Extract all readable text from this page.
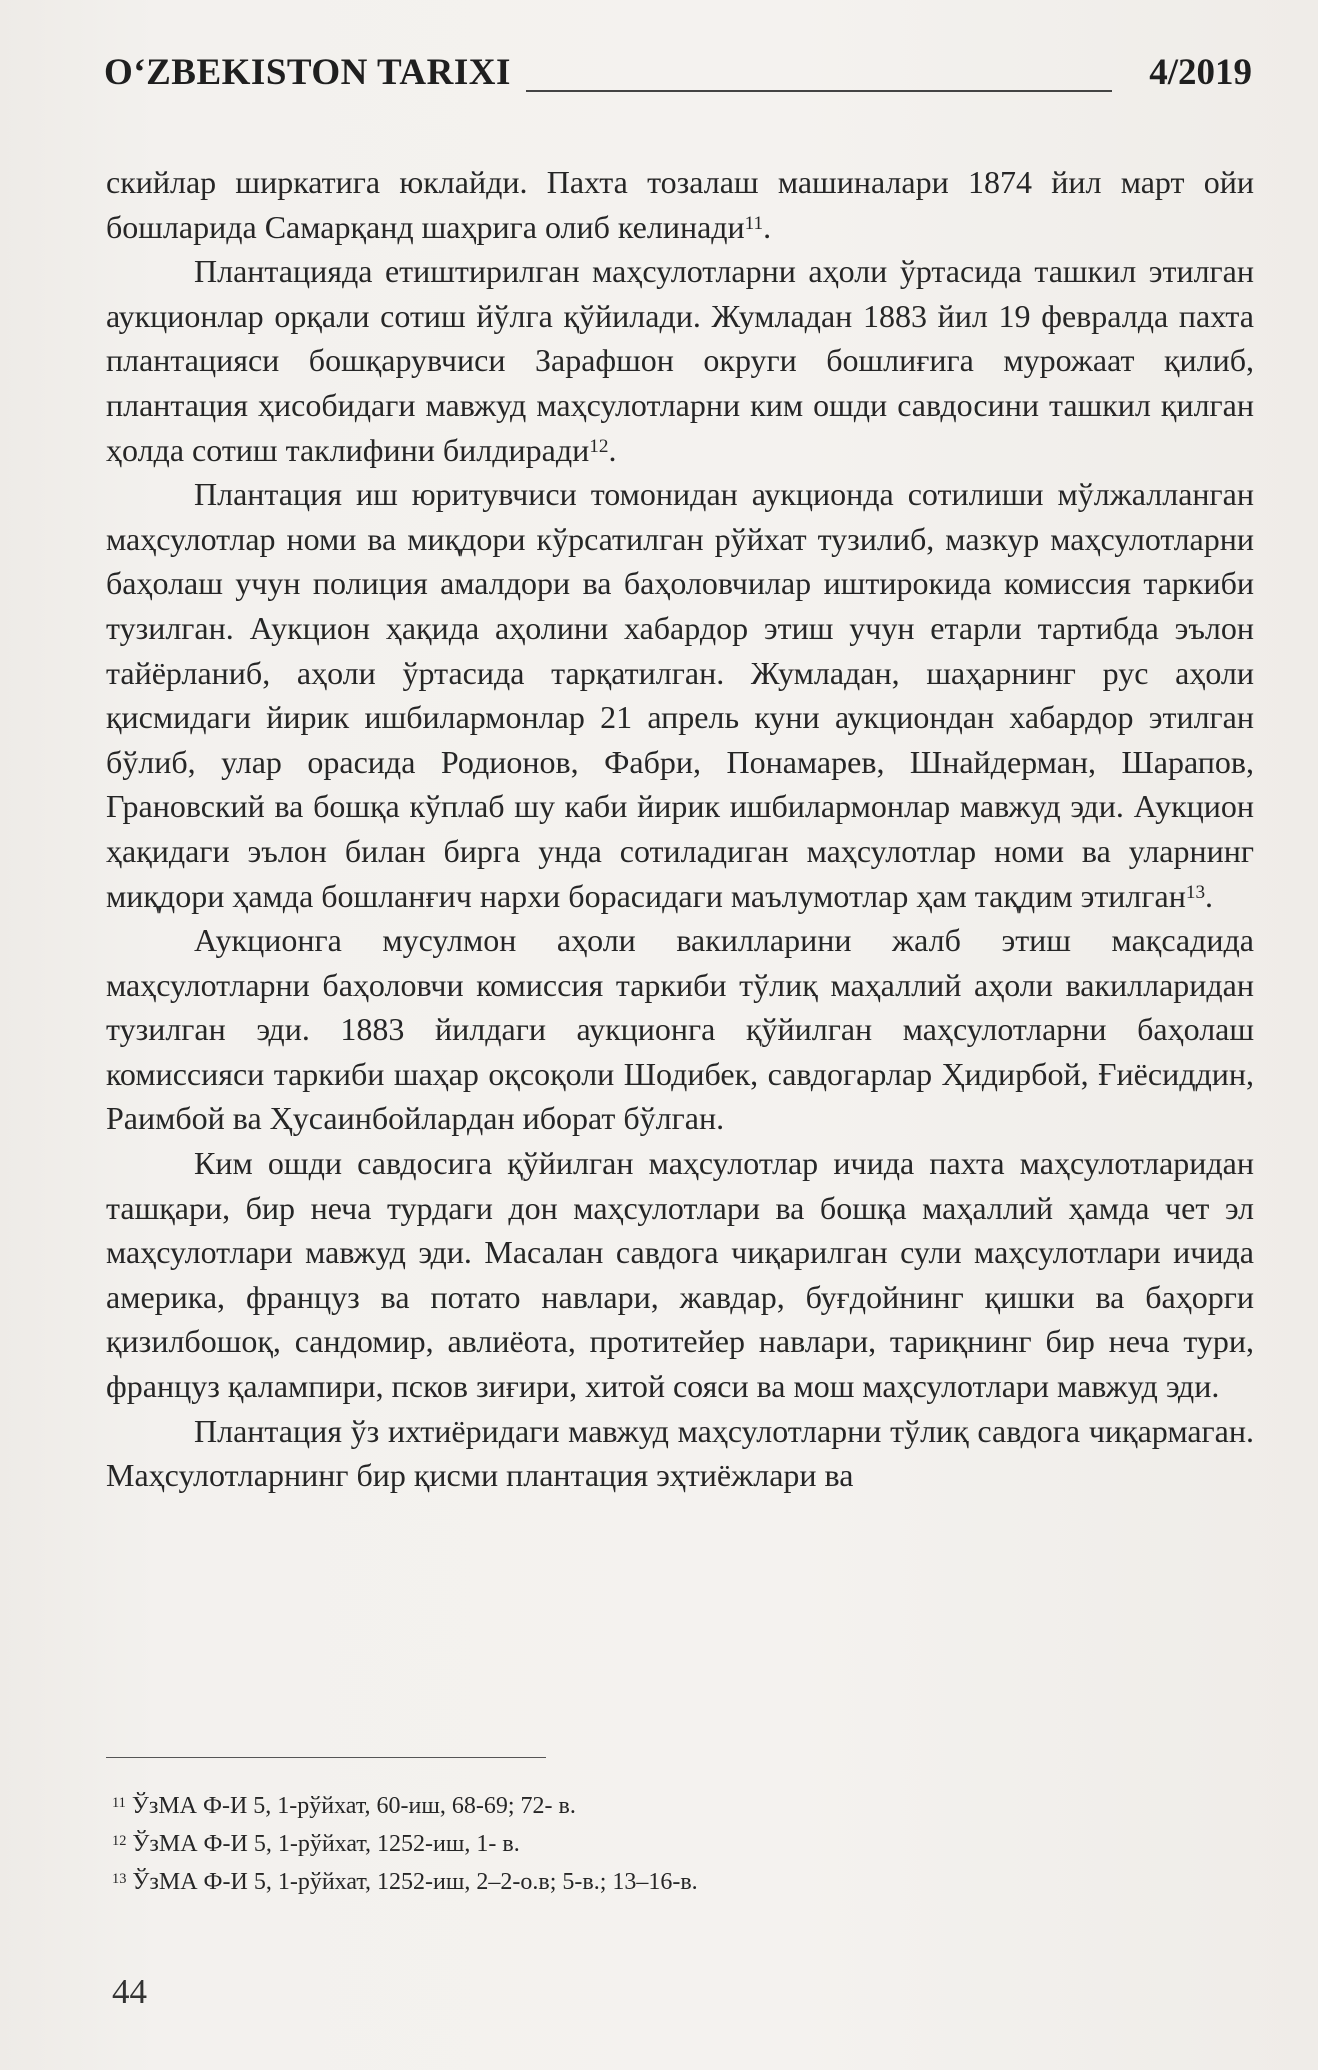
O‘ZBEKISTON TARIXI	4/2019

скийлар ширкатига юклайди. Пахта тозалаш машиналари 1874 йил март ойи бошларида Самарқанд шаҳрига олиб келинади$^{11}$.

Плантацияда етиштирилган маҳсулотларни аҳоли ўртасида ташкил этилган аукционлар орқали сотиш йўлга қўйилади. Жумладан 1883 йил 19 февралда пахта плантацияси бошқарувчиси Зарафшон округи бошлиғига мурожаат қилиб, плантация ҳисобидаги мавжуд маҳсулотларни ким ошди савдосини ташкил қилган ҳолда сотиш таклифини билдиради$^{12}$.

Плантация иш юритувчиси томонидан аукционда сотилиши мўлжалланган маҳсулотлар номи ва миқдори кўрсатилган рўйхат тузилиб, мазкур маҳсулотларни баҳолаш учун полиция амалдори ва баҳоловчилар иштирокида комиссия таркиби тузилган. Аукцион ҳақида аҳолини хабардор этиш учун етарли тартибда эълон тайёрланиб, аҳоли ўртасида тарқатилган. Жумладан, шаҳарнинг рус аҳоли қисмидаги йирик ишбилармонлар 21 апрель куни аукциондан хабардор этилган бўлиб, улар орасида Родионов, Фабри, Понамарев, Шнайдерман, Шарапов, Грановский ва бошқа кўплаб шу каби йирик ишбилармонлар мавжуд эди. Аукцион ҳақидаги эълон билан бирга унда сотиладиган маҳсулотлар номи ва уларнинг миқдори ҳамда бошланғич нархи борасидаги маълумотлар ҳам тақдим этилган$^{13}$.

Аукционга мусулмон аҳоли вакилларини жалб этиш мақсадида маҳсулотларни баҳоловчи комиссия таркиби тўлиқ маҳаллий аҳоли вакилларидан тузилган эди. 1883 йилдаги аукционга қўйилган маҳсулотларни баҳолаш комиссияси таркиби шаҳар оқсоқоли Шодибек, савдогарлар Ҳидирбой, Ғиёсиддин, Раимбой ва Ҳусаинбойлардан иборат бўлган.

Ким ошди савдосига қўйилган маҳсулотлар ичида пахта маҳсулотларидан ташқари, бир неча турдаги дон маҳсулотлари ва бошқа маҳаллий ҳамда чет эл маҳсулотлари мавжуд эди. Масалан савдога чиқарилган сули маҳсулотлари ичида америка, француз ва потато навлари, жавдар, буғдойнинг қишки ва баҳорги қизилбошоқ, сандомир, авлиёота, протитейер навлари, тариқнинг бир неча тури, француз қалампири, псков зиғири, хитой сояси ва мош маҳсулотлари мавжуд эди.

Плантация ўз ихтиёридаги мавжуд маҳсулотларни тўлиқ савдога чиқармаган. Маҳсулотларнинг бир қисми плантация эҳтиёжлари ва

$^{11}$ ЎзМА Ф-И 5, 1-рўйхат, 60-иш, 68-69; 72- в.
$^{12}$ ЎзМА Ф-И 5, 1-рўйхат, 1252-иш, 1- в.
$^{13}$ ЎзМА Ф-И 5, 1-рўйхат, 1252-иш, 2–2-о.в; 5-в.; 13–16-в.
44
